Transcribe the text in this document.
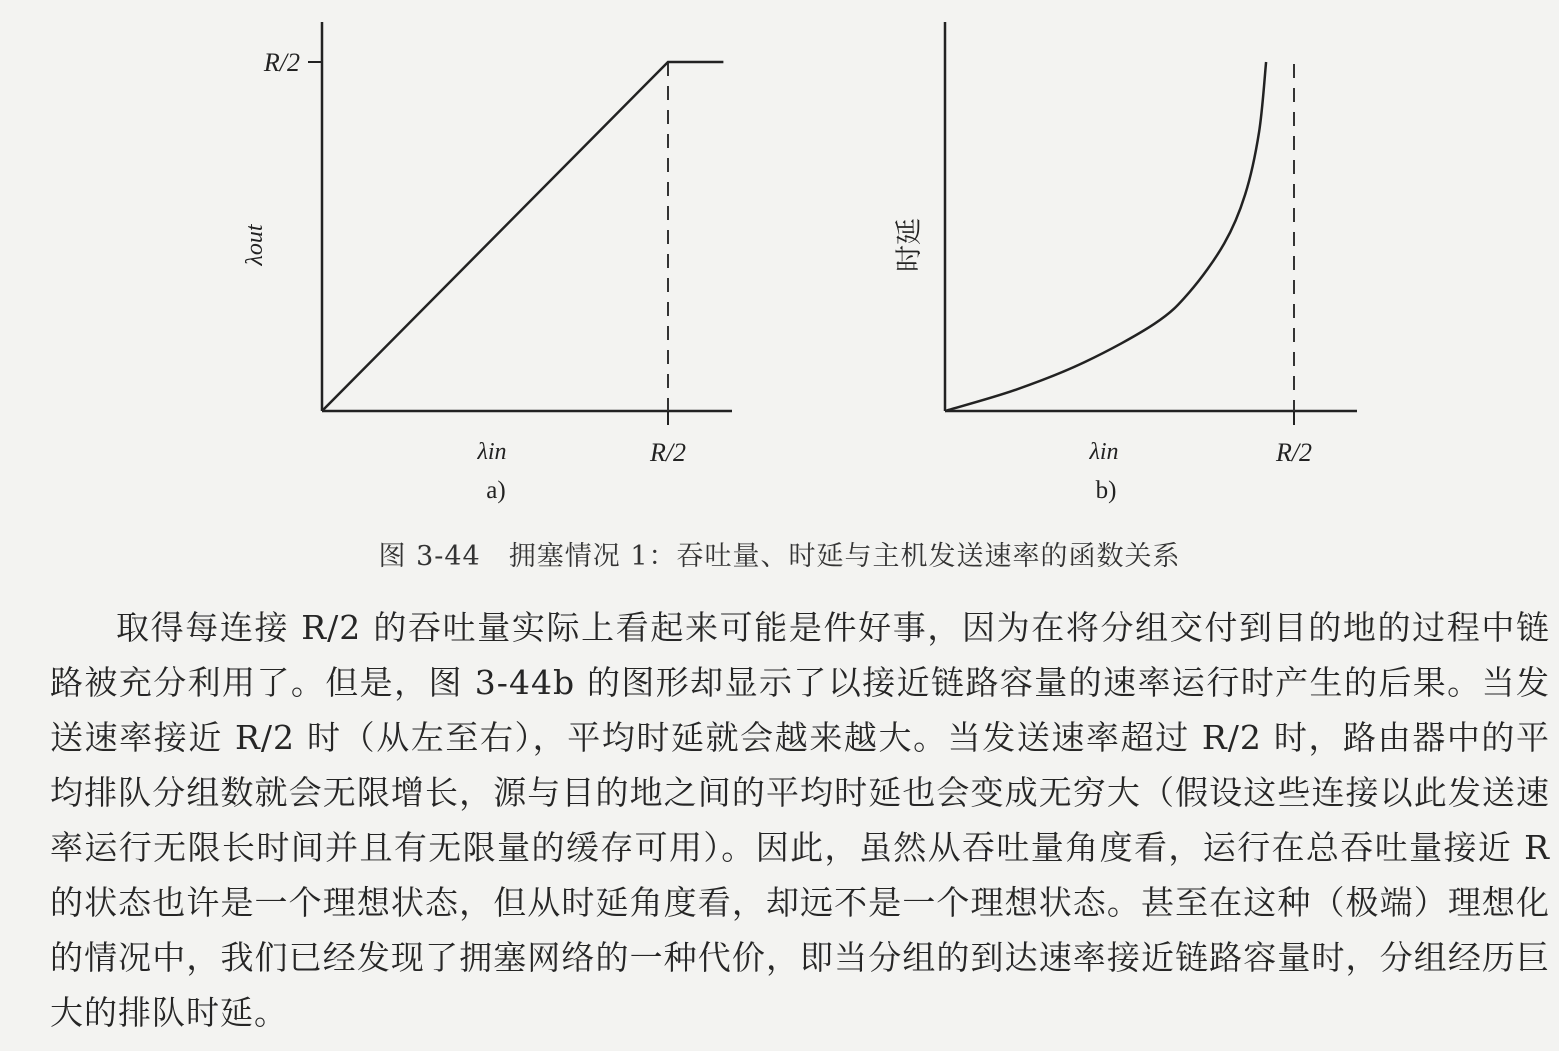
R/2
R/2
λout
λin
a)
R/2
时延
λin
b)
图 3-44 拥塞情况 1：吞吐量、时延与主机发送速率的函数关系

取得每连接 R/2 的吞吐量实际上看起来可能是件好事，因为在将分组交付到目的地的过程中链路被充分利用了。但是，图 3-44b 的图形却显示了以接近链路容量的速率运行时产生的后果。当发送速率接近 R/2 时（从左至右），平均时延就会越来越大。当发送速率超过 R/2 时，路由器中的平均排队分组数就会无限增长，源与目的地之间的平均时延也会变成无穷大（假设这些连接以此发送速率运行无限长时间并且有无限量的缓存可用）。因此，虽然从吞吐量角度看，运行在总吞吐量接近 R 的状态也许是一个理想状态，但从时延角度看，却远不是一个理想状态。甚至在这种（极端）理想化的情况中，我们已经发现了拥塞网络的一种代价，即当分组的到达速率接近链路容量时，分组经历巨大的排队时延。
